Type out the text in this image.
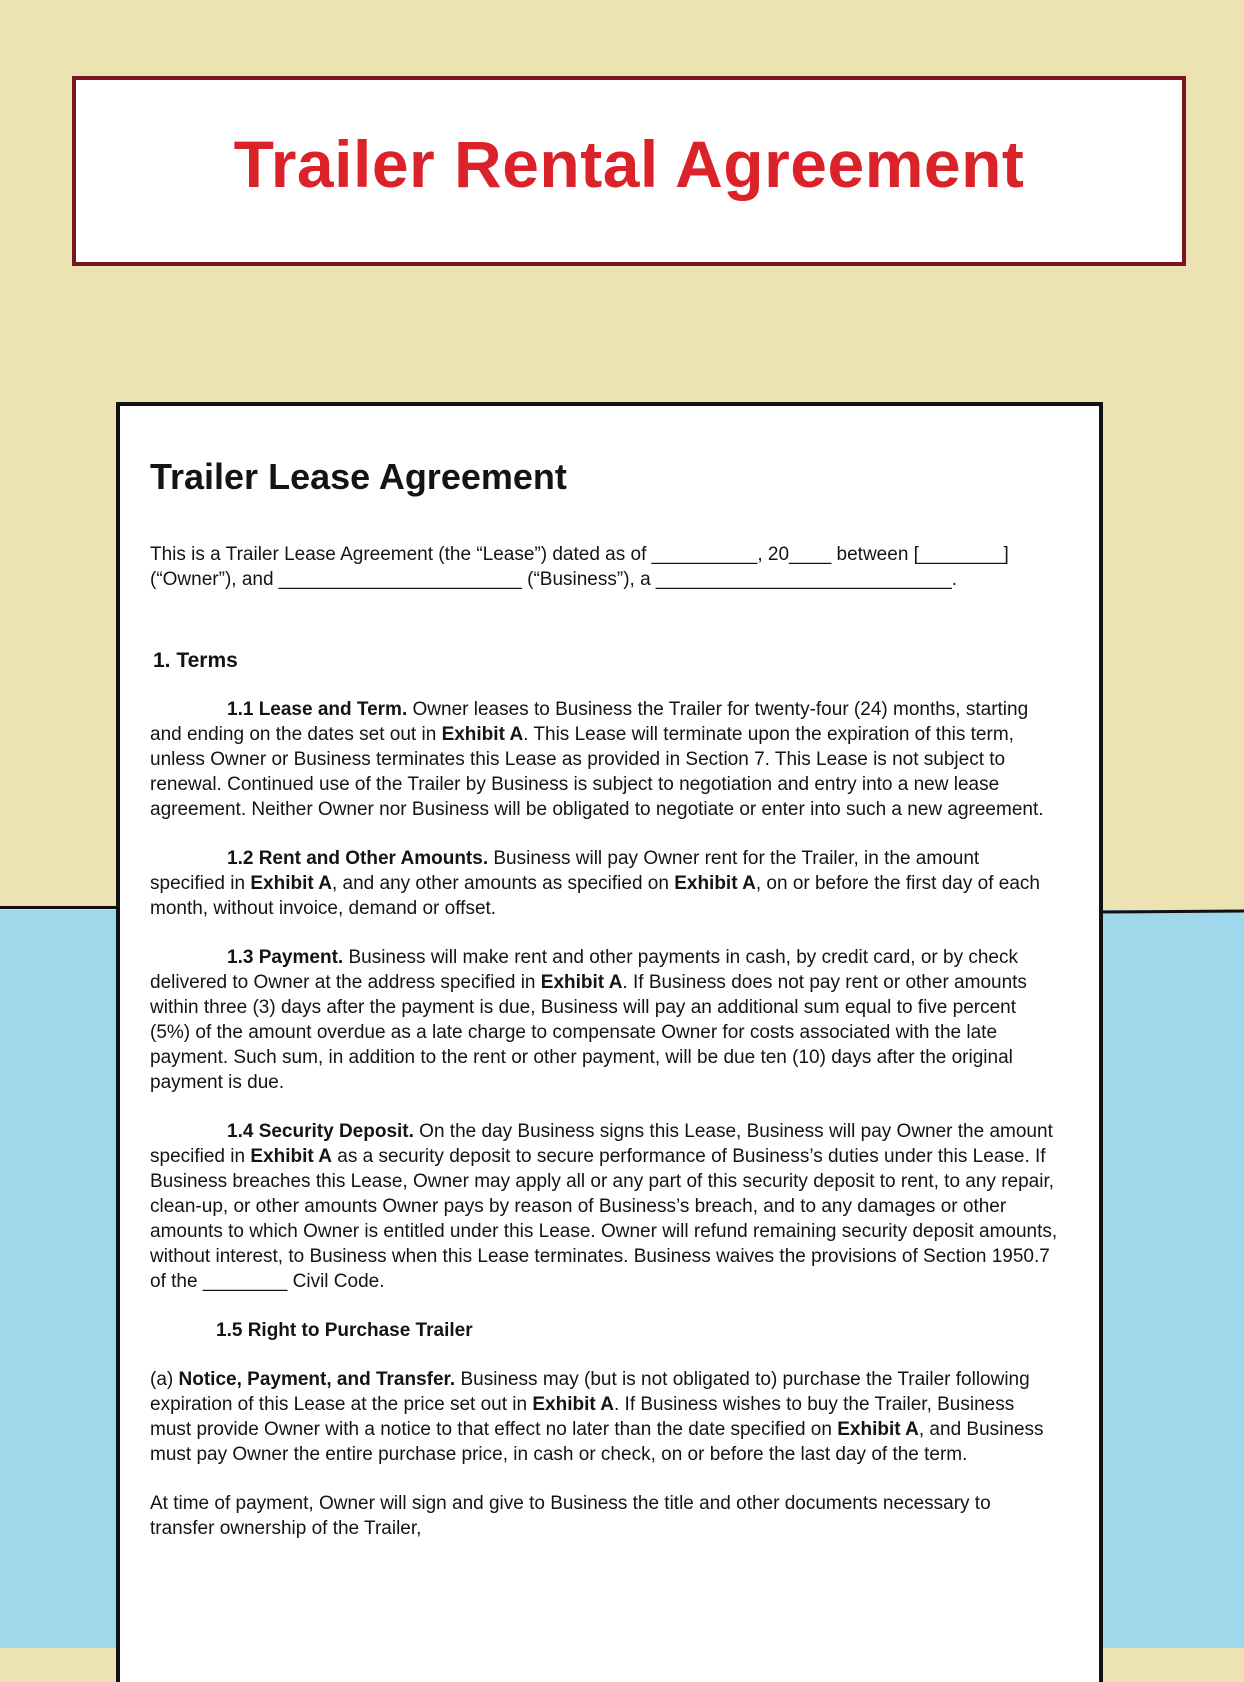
Trailer Rental Agreement
Trailer Lease Agreement

This is a Trailer Lease Agreement (the “Lease”) dated as of __________, 20____ between [________] (“Owner”), and _______________________ (“Business”), a ____________________________.

1. Terms

1.1 Lease and Term. Owner leases to Business the Trailer for twenty-four (24) months, starting and ending on the dates set out in Exhibit A. This Lease will terminate upon the expiration of this term, unless Owner or Business terminates this Lease as provided in Section 7. This Lease is not subject to renewal. Continued use of the Trailer by Business is subject to negotiation and entry into a new lease agreement. Neither Owner nor Business will be obligated to negotiate or enter into such a new agreement.

1.2 Rent and Other Amounts. Business will pay Owner rent for the Trailer, in the amount specified in Exhibit A, and any other amounts as specified on Exhibit A, on or before the first day of each month, without invoice, demand or offset.

1.3 Payment. Business will make rent and other payments in cash, by credit card, or by check delivered to Owner at the address specified in Exhibit A. If Business does not pay rent or other amounts within three (3) days after the payment is due, Business will pay an additional sum equal to five percent (5%) of the amount overdue as a late charge to compensate Owner for costs associated with the late payment. Such sum, in addition to the rent or other payment, will be due ten (10) days after the original payment is due.

1.4 Security Deposit. On the day Business signs this Lease, Business will pay Owner the amount specified in Exhibit A as a security deposit to secure performance of Business’s duties under this Lease. If Business breaches this Lease, Owner may apply all or any part of this security deposit to rent, to any repair, clean-up, or other amounts Owner pays by reason of Business’s breach, and to any damages or other amounts to which Owner is entitled under this Lease. Owner will refund remaining security deposit amounts, without interest, to Business when this Lease terminates. Business waives the provisions of Section 1950.7 of the ________ Civil Code.

1.5 Right to Purchase Trailer

(a) Notice, Payment, and Transfer. Business may (but is not obligated to) purchase the Trailer following expiration of this Lease at the price set out in Exhibit A. If Business wishes to buy the Trailer, Business must provide Owner with a notice to that effect no later than the date specified on Exhibit A, and Business must pay Owner the entire purchase price, in cash or check, on or before the last day of the term.

At time of payment, Owner will sign and give to Business the title and other documents necessary to transfer ownership of the Trailer,
